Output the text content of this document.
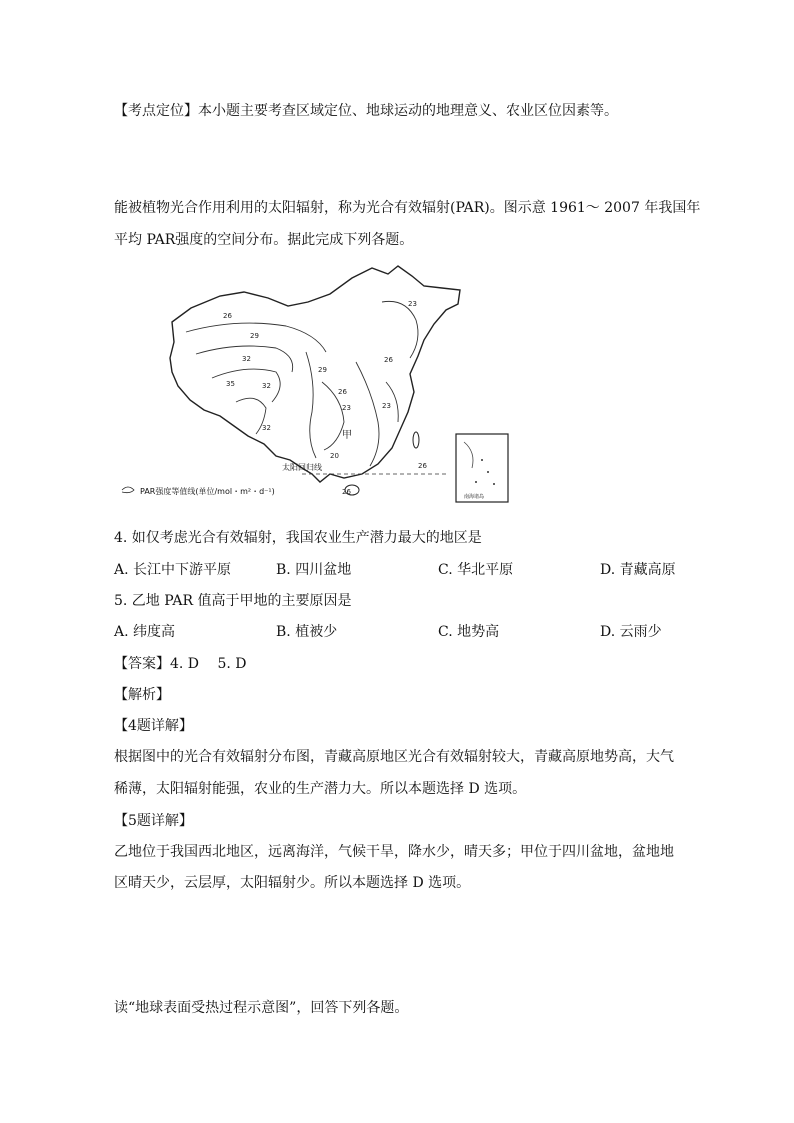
【考点定位】本小题主要考查区域定位、地球运动的地理意义、农业区位因素等。
能被植物光合作用利用的太阳辐射，称为光合有效辐射(PAR)。图示意 1961～ 2007 年我国年
平均 PAR强度的空间分布。据此完成下列各题。
26
29
32
35
23
29
32
26
23
26
20
26
26
23
32
甲
太阳回归线
南海诸岛
PAR强度等值线(单位/mol・m²・d⁻¹)
4. 如仅考虑光合有效辐射，我国农业生产潜力最大的地区是
A. 长江中下游平原	B. 四川盆地	C. 华北平原	D. 青藏高原
5. 乙地 PAR 值高于甲地的主要原因是
A. 纬度高	B. 植被少	C. 地势高	D. 云雨少
【答案】4. D　 5. D
【解析】
【4题详解】
根据图中的光合有效辐射分布图，青藏高原地区光合有效辐射较大，青藏高原地势高，大气
稀薄，太阳辐射能强，农业的生产潜力大。所以本题选择 D 选项。
【5题详解】
乙地位于我国西北地区，远离海洋，气候干旱，降水少，晴天多；甲位于四川盆地，盆地地
区晴天少，云层厚，太阳辐射少。所以本题选择 D 选项。
读“地球表面受热过程示意图”，回答下列各题。
